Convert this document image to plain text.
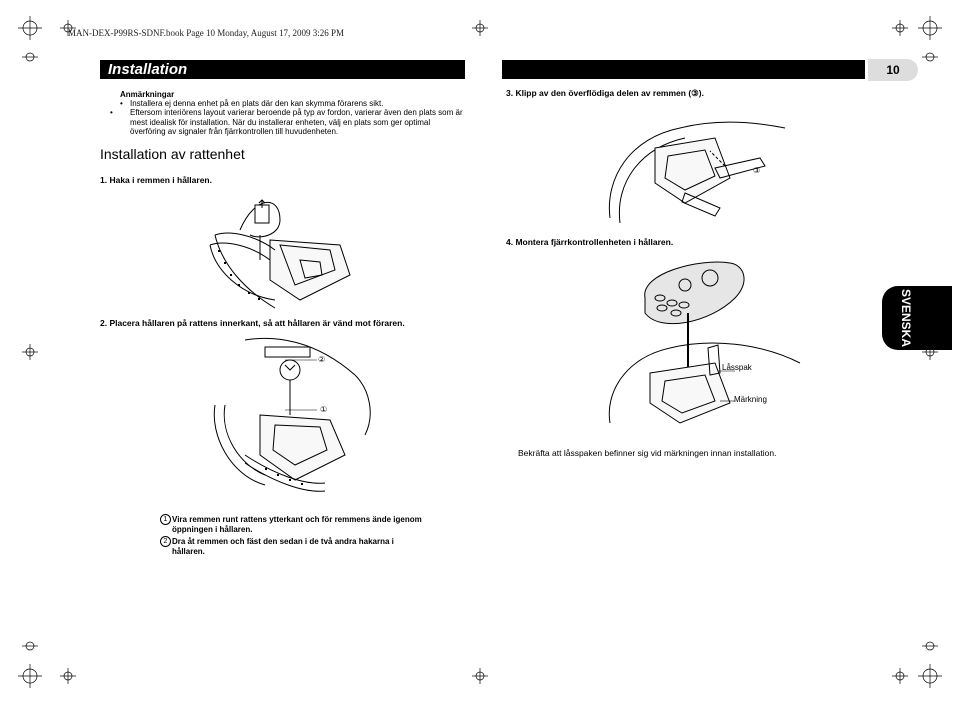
MAN-DEX-P99RS-SDNF.book Page 10 Monday, August 17, 2009 3:26 PM
Installation	10
Anmärkningar
• Installera ej denna enhet på en plats där den kan skymma förarens sikt.
• Eftersom interiörens layout varierar beroende på typ av fordon, varierar även den plats som är mest idealisk för installation. När du installerar enheten, välj en plats som ger optimal överföring av signaler från fjärrkontrollen till huvudenheten.
Installation av rattenhet
1. Haka i remmen i hållaren.
2. Placera hållaren på rattens innerkant, så att hållaren är vänd mot föraren.
3. Klipp av den överflödiga delen av remmen (③).
4. Montera fjärrkontrollenheten i hållaren.
②
①
③
Låsspak
Märkning
Bekräfta att låsspaken befinner sig vid märkningen innan installation.
1 Vira remmen runt rattens ytterkant och för remmens ände igenom öppningen i hållaren.
2 Dra åt remmen och fäst den sedan i de två andra hakarna i hållaren.
SVENSKA
